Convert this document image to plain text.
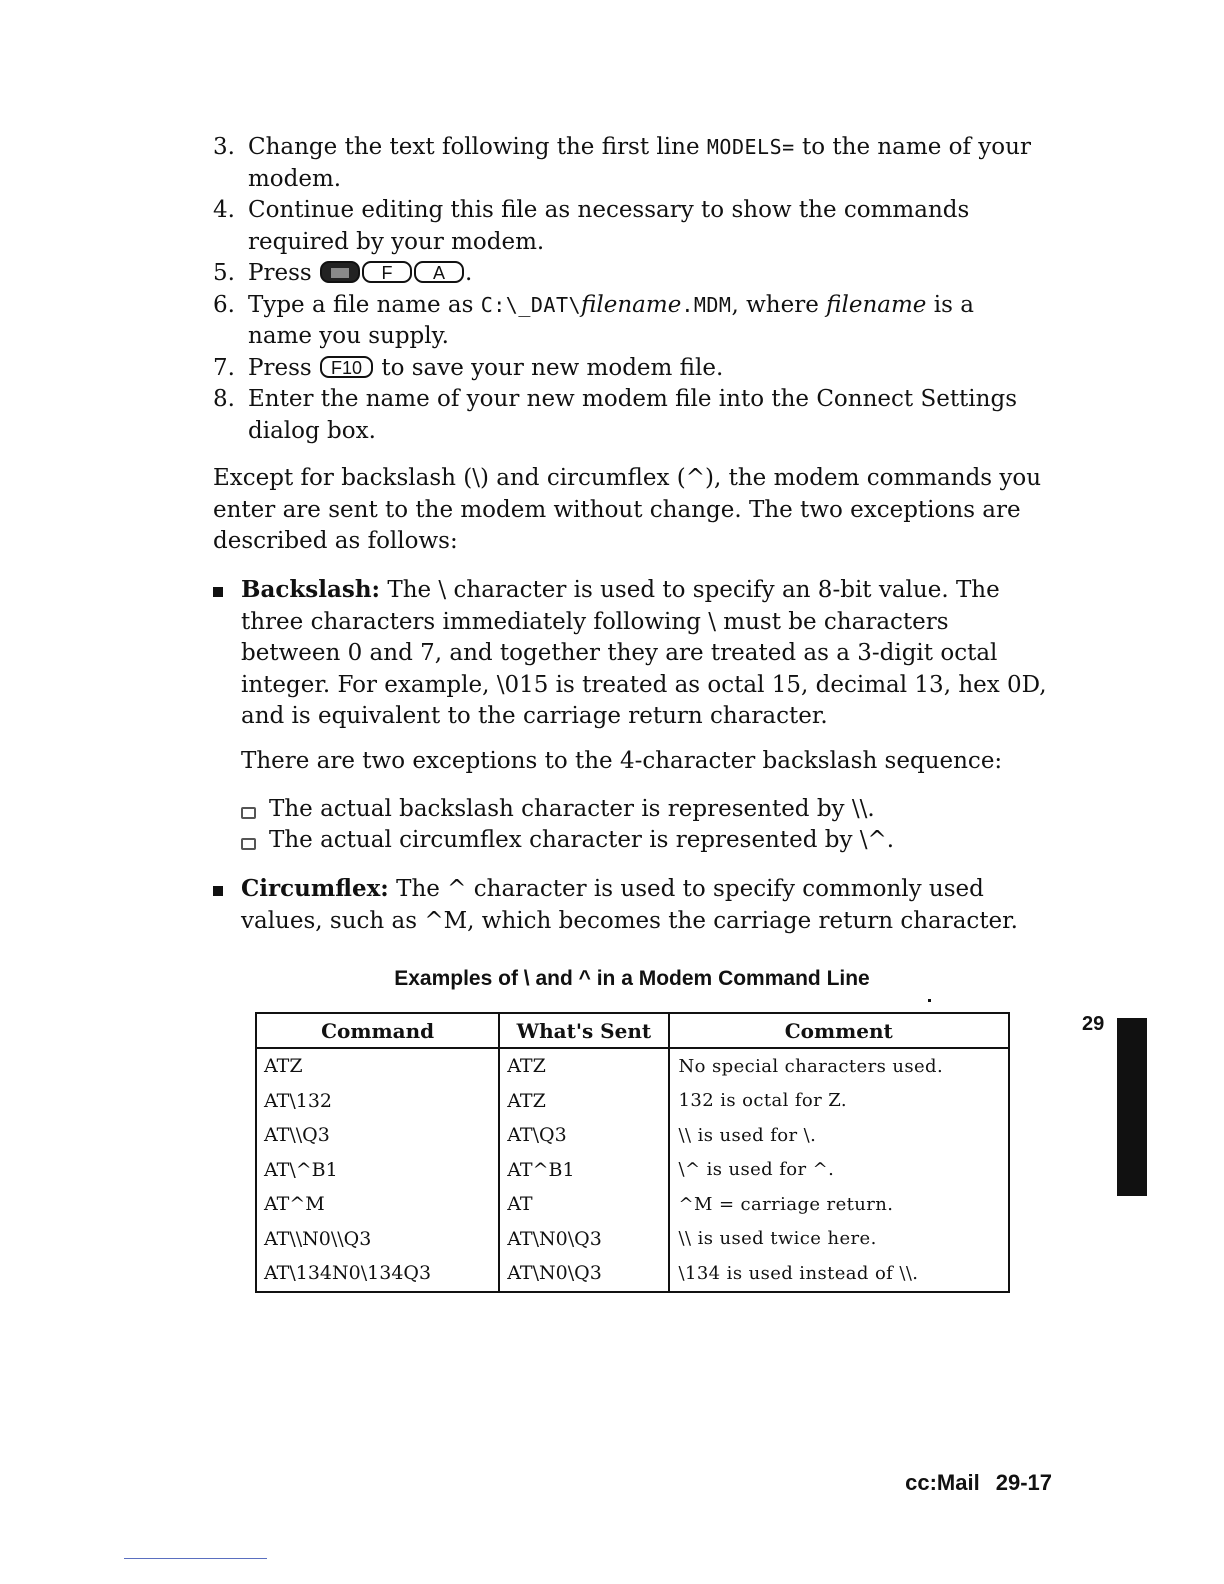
3. Change the text following the first line MODELS= to the name of your modem.
4. Continue editing this file as necessary to show the commands required by your modem.
5. Press	F A .
6. Type a file name as C:\_DAT\filename.MDM, where filename is a name you supply.
7. Press F10 to save your new modem file.
8. Enter the name of your new modem file into the Connect Settings dialog box.

Except for backslash (\) and circumflex (^), the modem commands you enter are sent to the modem without change. The two exceptions are described as follows:

Backslash: The \ character is used to specify an 8-bit value. The three characters immediately following \ must be characters between 0 and 7, and together they are treated as a 3-digit octal integer. For example, \015 is treated as octal 15, decimal 13, hex 0D, and is equivalent to the carriage return character.

There are two exceptions to the 4-character backslash sequence:

The actual backslash character is represented by \\.
The actual circumflex character is represented by \^.
Circumflex: The ^ character is used to specify commonly used values, such as ^M, which becomes the carriage return character.
Examples of \ and ^ in a Modem Command Line
Command	What's Sent	Comment
ATZ	ATZ	No special characters used.
AT\132	ATZ	132 is octal for Z.
AT\\Q3	AT\Q3	\\ is used for \.
AT\^B1	AT^B1	\^ is used for ^.
AT^M	AT	^M = carriage return.
AT\\N0\\Q3	AT\N0\Q3	\\ is used twice here.
AT\134N0\134Q3	AT\N0\Q3	\134 is used instead of \\.
29
cc:Mail 29-17
